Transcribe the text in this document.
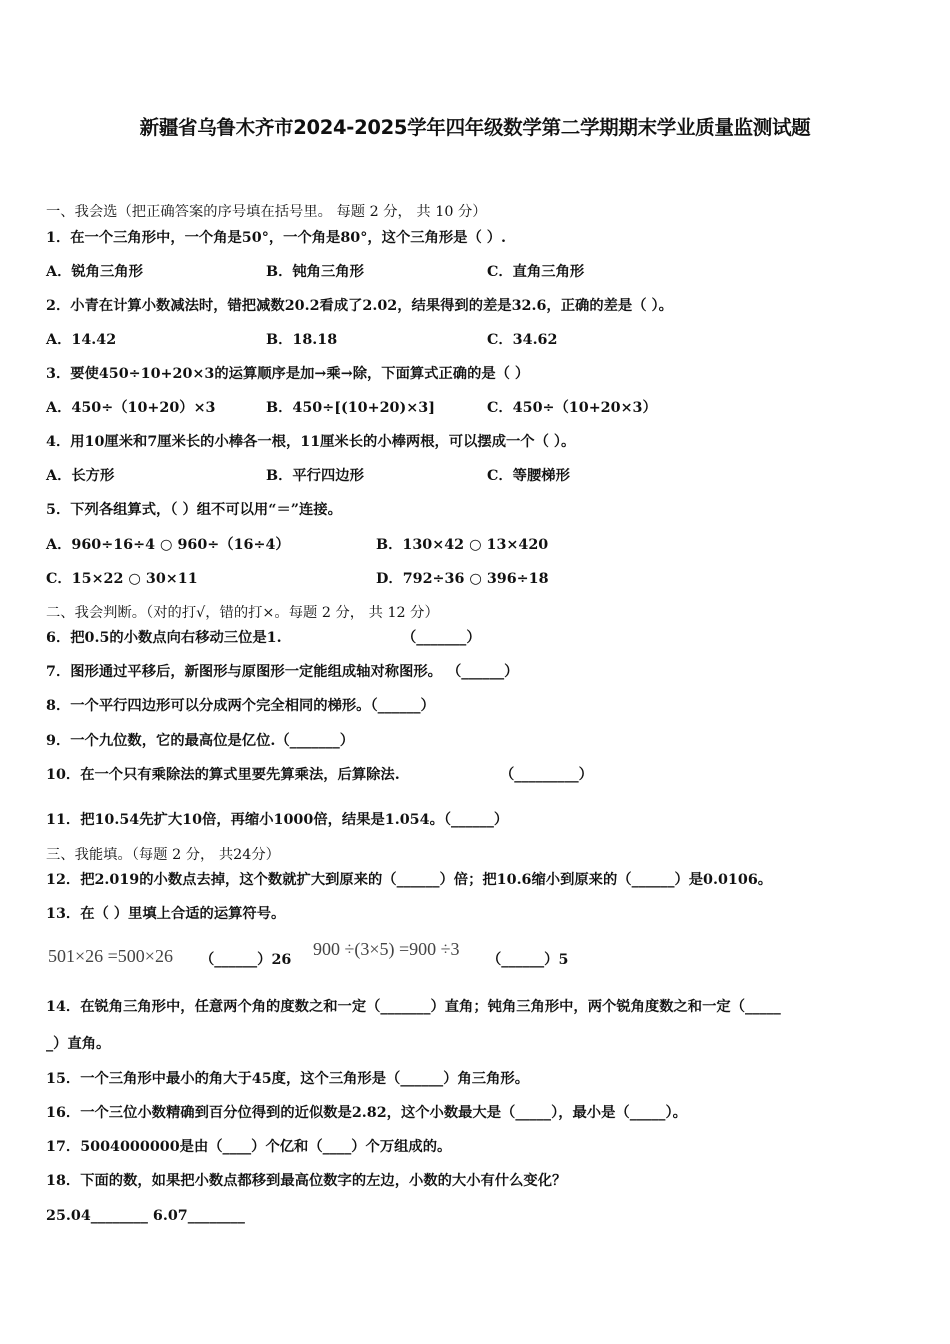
新疆省乌鲁木齐市2024-2025学年四年级数学第二学期期末学业质量监测试题
一、我会选（把正确答案的序号填在括号里。 每题 2 分， 共 10 分）
1．在一个三角形中，一个角是50°，一个角是80°，这个三角形是（ ）.
A．锐角三角形	B．钝角三角形	C．直角三角形
2．小青在计算小数减法时，错把减数20.2看成了2.02，结果得到的差是32.6，正确的差是（ ）。
A．14.42	B．18.18	C．34.62
3．要使450÷10+20×3的运算顺序是加→乘→除，下面算式正确的是（ ）
A．450÷（10+20）×3	B．450÷[(10+20)×3]	C．450÷（10+20×3）
4．用10厘米和7厘米长的小棒各一根，11厘米长的小棒两根，可以摆成一个（ ）。
A．长方形	B．平行四边形	C．等腰梯形
5．下列各组算式，（ ）组不可以用“＝”连接。
A．960÷16÷4 ○ 960÷（16÷4）	B．130×42 ○ 13×420
C．15×22 ○ 30×11	D．792÷36 ○ 396÷18
二、我会判断。（对的打√，错的打×。每题 2 分， 共 12 分）
6．把0.5的小数点向右移动三位是1.	（_______）
7．图形通过平移后，新图形与原图形一定能组成轴对称图形。 （______）
8．一个平行四边形可以分成两个完全相同的梯形。（______）
9．一个九位数，它的最高位是亿位.（_______）
10．在一个只有乘除法的算式里要先算乘法，后算除法.	（_________）
11．把10.54先扩大10倍，再缩小1000倍，结果是1.054。（______）
三、我能填。（每题 2 分， 共24分）
12．把2.019的小数点去掉，这个数就扩大到原来的（______）倍；把10.6缩小到原来的（______）是0.0106。
13．在（ ）里填上合适的运算符号。
501×26 =500×26 （______）26
900 ÷(3×5) =900 ÷3
（______）5
14．在锐角三角形中，任意两个角的度数之和一定（_______）直角；钝角三角形中，两个锐角度数之和一定（_____
_）直角。
15．一个三角形中最小的角大于45度，这个三角形是（______）角三角形。
16．一个三位小数精确到百分位得到的近似数是2.82，这个小数最大是（_____），最小是（_____）。
17．5004000000是由（____）个亿和（____）个万组成的。
18．下面的数，如果把小数点都移到最高位数字的左边，小数的大小有什么变化？
25.04________ 6.07________
